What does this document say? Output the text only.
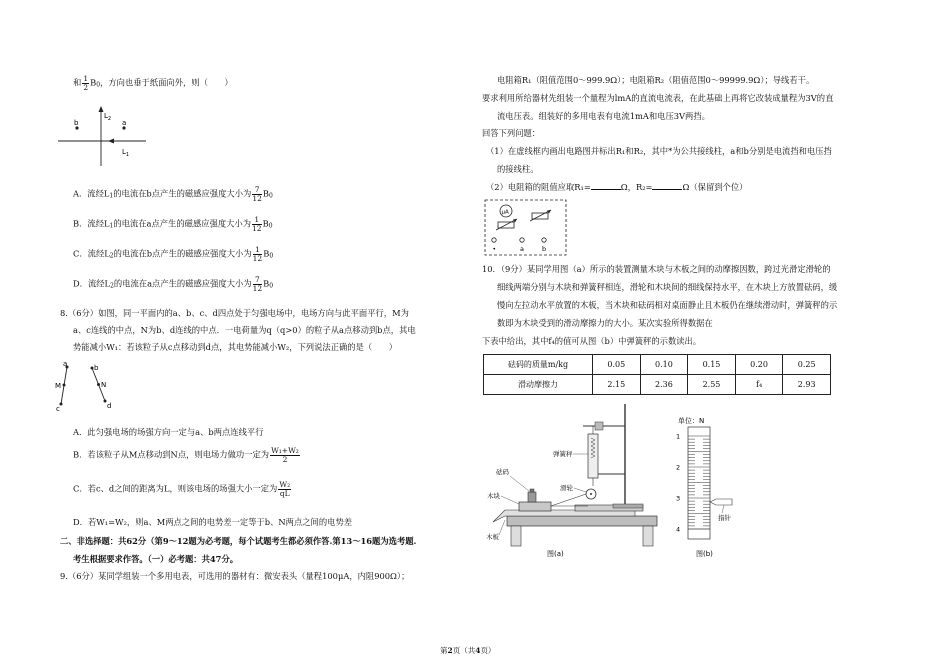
和 $\frac{1}{2} B_0$，方向也垂于纸面向外，则（　　）
b	a
$L_2$
$L_1$
A．流经$L_1$的电流在b点产生的磁感应强度大小为 $\frac{7}{12} B_0$
B．流经$L_1$的电流在a点产生的磁感应强度大小为 $\frac{1}{12} B_0$
C．流经$L_2$的电流在b点产生的磁感应强度大小为 $\frac{1}{12} B_0$
D．流经$L_2$的电流在a点产生的磁感应强度大小为 $\frac{7}{12} B_0$
8.（6分）如图，同一平面内的a、b、c、d四点处于匀强电场中，电场方向与此平面平行，M为
a、c连线的中点，N为b、d连线的中点．一电荷量为q（q>0）的粒子从a点移动到b点，其电
势能减小W₁：若该粒子从c点移动到d点，其电势能减小W₂，下列说法正确的是（　　）
a	b
c	d
M	N
A．此匀强电场的场强方向一定与a、b两点连线平行
B．若该粒子从M点移动到N点，则电场力做功一定为 $\frac{\text{W₁+W₂}}{2}$
C．若c、d之间的距离为L，则该电场的场强大小一定为 $\frac{\text{W₂}}{qL}$
D．若W₁=W₂，则a、M两点之间的电势差一定等于b、N两点之间的电势差
二、非选择题：共62分（第9～12题为必考题，每个试题考生都必须作答.第13～16题为选考题.
考生根据要求作答。（一）必考题：共47分。
9.（6分）某同学组装一个多用电表，可选用的器材有：微安表头（量程100μA，内阻900Ω）；
电阻箱R₁（阻值范围0～999.9Ω）；电阻箱R₂（阻值范围0～99999.9Ω）；导线若干。
要求利用所给器材先组装一个量程为lmA的直流电流表，在此基础上再将它改装成量程为3V的直
流电压表。组装好的多用电表有电流1mA和电压3V两挡。
回答下列问题：
（1）在虚线框内画出电路图并标出R₁和R₂，其中*为公共接线柱，a和b分别是电流挡和电压挡
的接线柱。
（2）电阻箱的阻值应取R₁=	Ω，R₂=	Ω（保留到个位）
μA
•	a	b
10．（9分）某同学用图（a）所示的装置测量木块与木板之间的动摩擦因数，跨过光滑定滑轮的
细线两端分别与木块和弹簧秤相连，滑轮和木块间的细线保持水平，在木块上方放置砝码，缓
慢向左拉动水平放置的木板，当木块和砝码相对桌面静止且木板仍在继续滑动时，弹簧秤的示
数即为木块受到的滑动摩擦力的大小。某次实验所得数据在
下表中给出，其中f₄的值可从图（b）中弹簧秤的示数读出。
砝码的质量m/kg	0.05	0.10	0.15	0.20	0.25
滑动摩擦力	2.15	2.36	2.55	f₄	2.93
弹簧秤
砝码
滑轮
木块
木板
图(a)
单位：N
1
2
3
4
指针
图(b)
第2页（共4页）
